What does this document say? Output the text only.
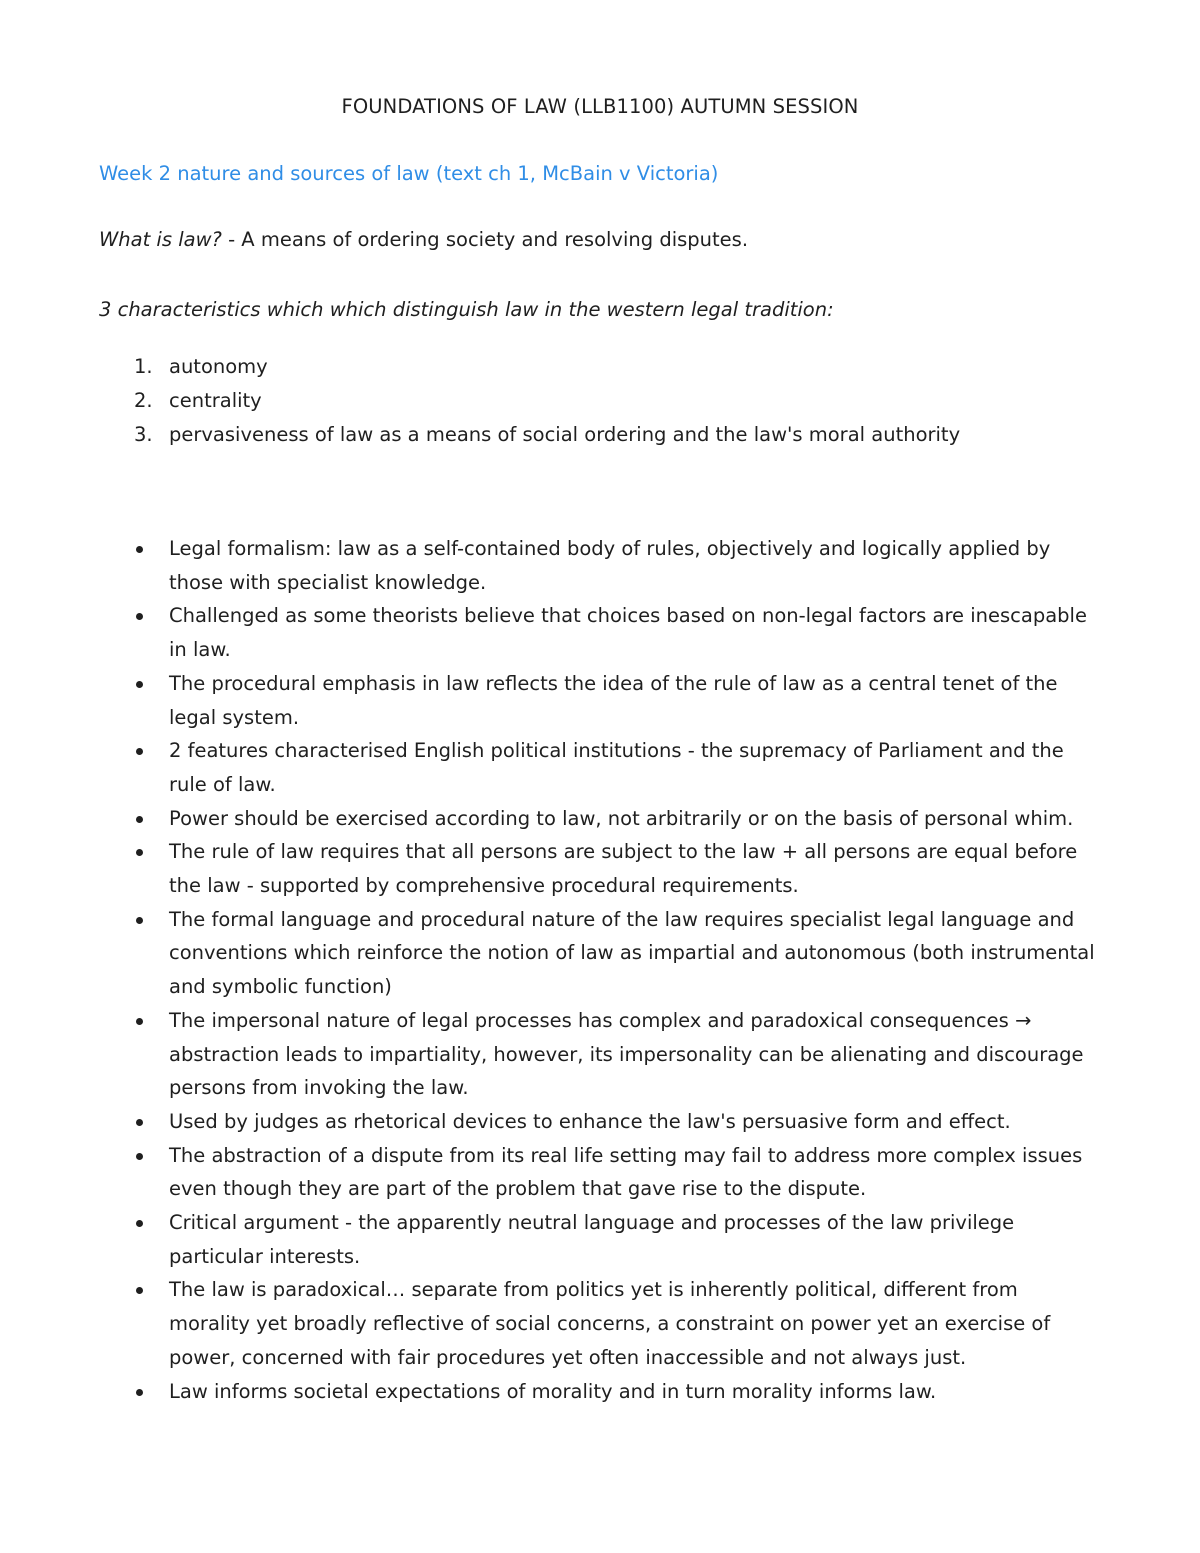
FOUNDATIONS OF LAW (LLB1100) AUTUMN SESSION
Week 2 nature and sources of law (text ch 1, McBain v Victoria)
What is law? - A means of ordering society and resolving disputes.
3 characteristics which which distinguish law in the western legal tradition:
1. autonomy
2. centrality
3. pervasiveness of law as a means of social ordering and the law's moral authority
Legal formalism: law as a self-contained body of rules, objectively and logically applied by those with specialist knowledge.
Challenged as some theorists believe that choices based on non-legal factors are inescapable in law.
The procedural emphasis in law reflects the idea of the rule of law as a central tenet of the legal system.
2 features characterised English political institutions - the supremacy of Parliament and the rule of law.
Power should be exercised according to law, not arbitrarily or on the basis of personal whim.
The rule of law requires that all persons are subject to the law + all persons are equal before the law - supported by comprehensive procedural requirements.
The formal language and procedural nature of the law requires specialist legal language and conventions which reinforce the notion of law as impartial and autonomous (both instrumental and symbolic function)
The impersonal nature of legal processes has complex and paradoxical consequences → abstraction leads to impartiality, however, its impersonality can be alienating and discourage persons from invoking the law.
Used by judges as rhetorical devices to enhance the law's persuasive form and effect.
The abstraction of a dispute from its real life setting may fail to address more complex issues even though they are part of the problem that gave rise to the dispute.
Critical argument - the apparently neutral language and processes of the law privilege particular interests.
The law is paradoxical… separate from politics yet is inherently political, different from morality yet broadly reflective of social concerns, a constraint on power yet an exercise of power, concerned with fair procedures yet often inaccessible and not always just.
Law informs societal expectations of morality and in turn morality informs law.
